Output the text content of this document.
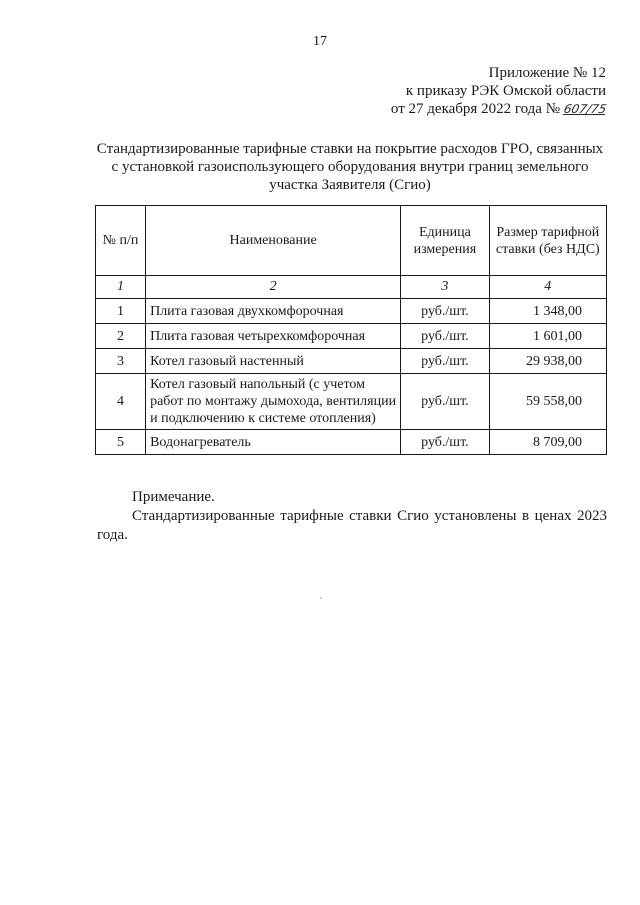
17
Приложение № 12
к приказу РЭК Омской области
от 27 декабря 2022 года № 607/75
Стандартизированные тарифные ставки на покрытие расходов ГРО, связанных
с установкой газоиспользующего оборудования внутри границ земельного
участка Заявителя (Сгио)
№ п/п	Наименование	Единица измерения	Размер тарифной ставки (без НДС)
1	2	3	4
1	Плита газовая двухкомфорочная	руб./шт.	1 348,00
2	Плита газовая четырехкомфорочная	руб./шт.	1 601,00
3	Котел газовый настенный	руб./шт.	29 938,00
4	Котел газовый напольный (с учетом работ по монтажу дымохода, вентиляции и подключению к системе отопления)	руб./шт.	59 558,00
5	Водонагреватель	руб./шт.	8 709,00
Примечание.
Стандартизированные тарифные ставки Сгио установлены в ценах 2023 года.
